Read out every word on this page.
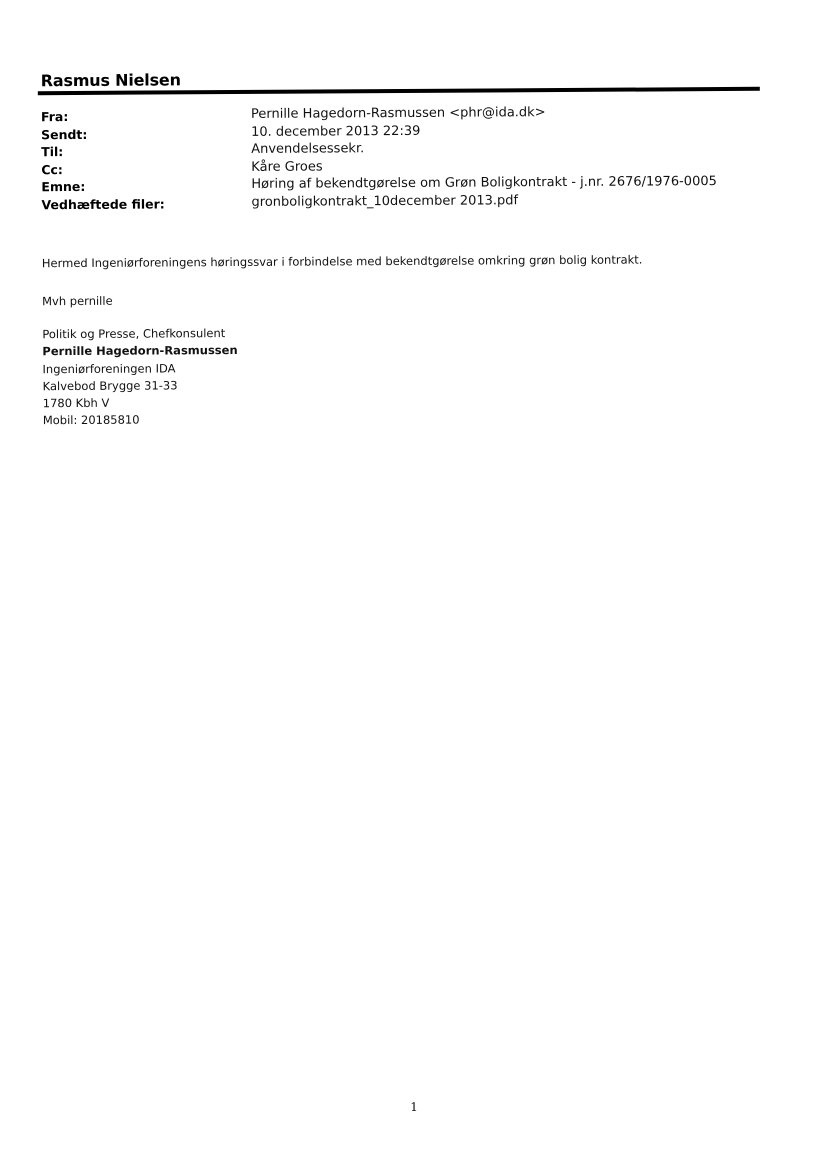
Rasmus Nielsen
Fra:	Pernille Hagedorn-Rasmussen <phr@ida.dk>
Sendt:	10. december 2013 22:39
Til:	Anvendelsessekr.
Cc:	Kåre Groes
Emne:	Høring af bekendtgørelse om Grøn Boligkontrakt - j.nr. 2676/1976-0005
Vedhæftede filer:	gronboligkontrakt_10december 2013.pdf
Hermed Ingeniørforeningens høringssvar i forbindelse med bekendtgørelse omkring grøn bolig kontrakt.
Mvh pernille
Politik og Presse, Chefkonsulent
Pernille Hagedorn-Rasmussen
Ingeniørforeningen IDA
Kalvebod Brygge 31-33
1780 Kbh V
Mobil: 20185810
1
